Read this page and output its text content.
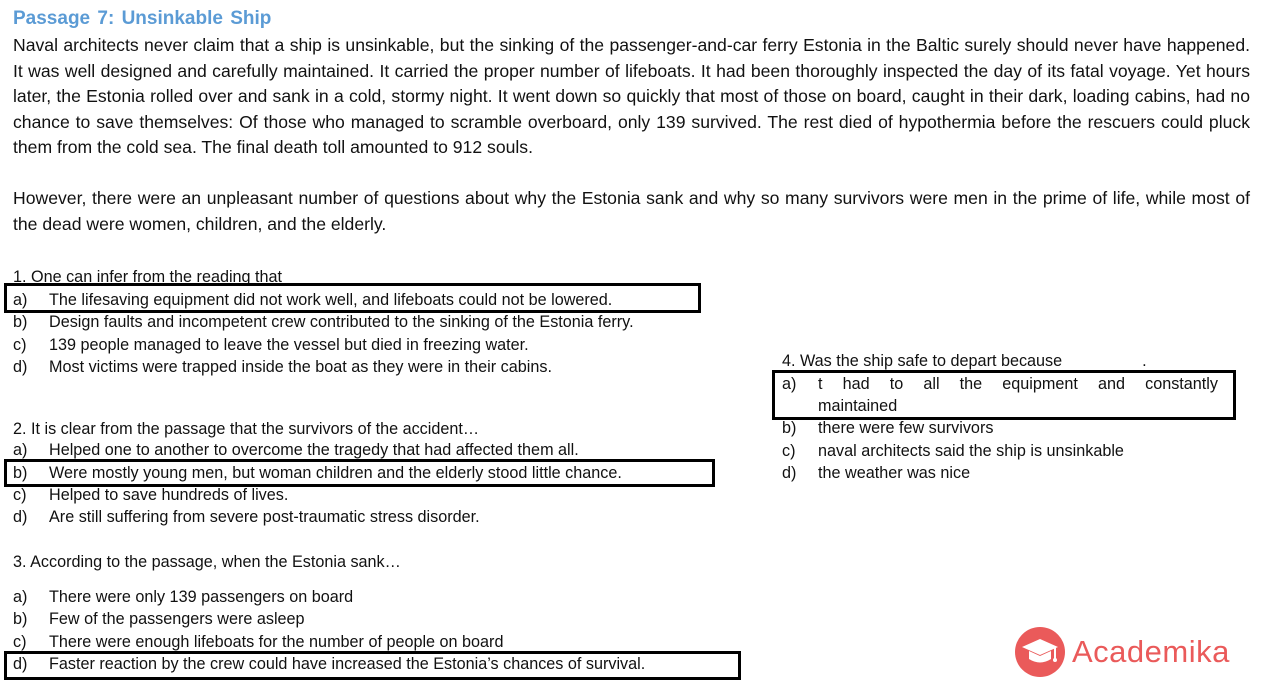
Passage 7: Unsinkable Ship

Naval architects never claim that a ship is unsinkable, but the sinking of the passenger-and-car ferry Estonia in the Baltic surely should never have happened. It was well designed and carefully maintained. It carried the proper number of lifeboats. It had been thoroughly inspected the day of its fatal voyage. Yet hours later, the Estonia rolled over and sank in a cold, stormy night. It went down so quickly that most of those on board, caught in their dark, loading cabins, had no chance to save themselves: Of those who managed to scramble overboard, only 139 survived. The rest died of hypothermia before the rescuers could pluck them from the cold sea. The final death toll amounted to 912 souls.

However, there were an unpleasant number of questions about why the Estonia sank and why so many survivors were men in the prime of life, while most of the dead were women, children, and the elderly.

1. One can infer from the reading that
a) The lifesaving equipment did not work well, and lifeboats could not be lowered.
b) Design faults and incompetent crew contributed to the sinking of the Estonia ferry.
c) 139 people managed to leave the vessel but died in freezing water.
d) Most victims were trapped inside the boat as they were in their cabins.
2. It is clear from the passage that the survivors of the accident…
a) Helped one to another to overcome the tragedy that had affected them all.
b) Were mostly young men, but woman children and the elderly stood little chance.
c) Helped to save hundreds of lives.
d) Are still suffering from severe post-traumatic stress disorder.
3. According to the passage, when the Estonia sank…
a) There were only 139 passengers on board
b) Few of the passengers were asleep
c) There were enough lifeboats for the number of people on board
d) Faster reaction by the crew could have increased the Estonia’s chances of survival.
4. Was the ship safe to depart because	.
a) t   had   to   all   the   equipment   and   constantly
maintained
b) there were few survivors
c) naval architects said the ship is unsinkable
d) the weather was nice
Academika
